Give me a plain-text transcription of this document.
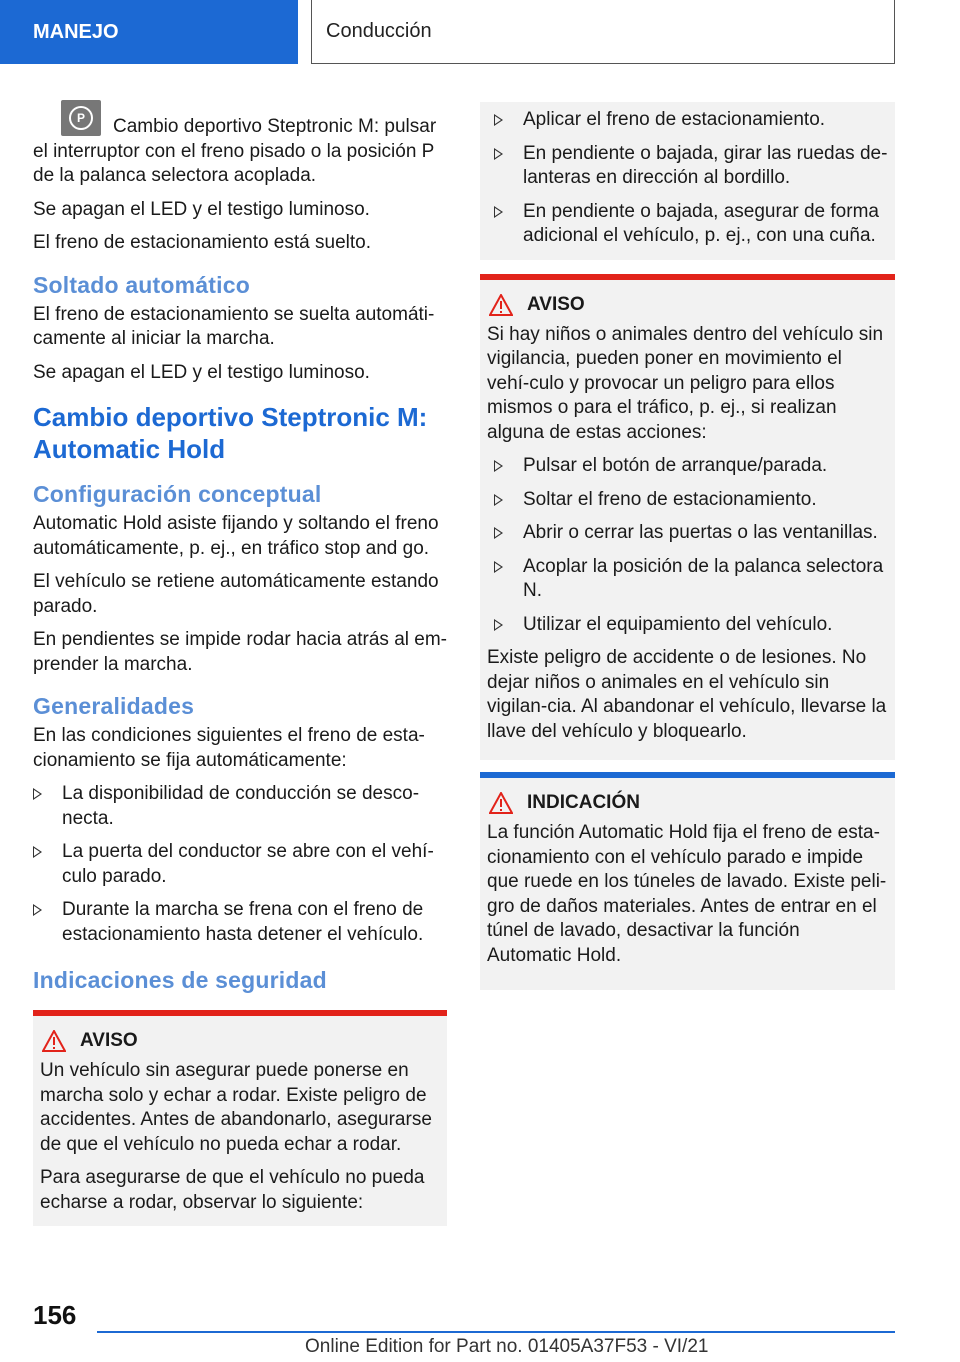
MANEJO	Conducción

P	Cambio deportivo Steptronic M: pulsar el interruptor con el freno pisado o la posición P de la palanca selectora acoplada.

Se apagan el LED y el testigo luminoso.

El freno de estacionamiento está suelto.

Soltado automático

El freno de estacionamiento se suelta automáti-camente al iniciar la marcha.

Se apagan el LED y el testigo luminoso.

Cambio deportivo Steptronic M: Automatic Hold
Configuración conceptual

Automatic Hold asiste fijando y soltando el freno automáticamente, p. ej., en tráfico stop and go.

El vehículo se retiene automáticamente estando parado.

En pendientes se impide rodar hacia atrás al em-prender la marcha.

Generalidades

En las condiciones siguientes el freno de esta-cionamiento se fija automáticamente:

La disponibilidad de conducción se desco-necta.
La puerta del conductor se abre con el vehí-culo parado.
Durante la marcha se frena con el freno de estacionamiento hasta detener el vehículo.
Indicaciones de seguridad
AVISO

Un vehículo sin asegurar puede ponerse en marcha solo y echar a rodar. Existe peligro de accidentes. Antes de abandonarlo, asegurarse de que el vehículo no pueda echar a rodar.

Para asegurarse de que el vehículo no pueda echarse a rodar, observar lo siguiente:

Aplicar el freno de estacionamiento.
En pendiente o bajada, girar las ruedas de-lanteras en dirección al bordillo.
En pendiente o bajada, asegurar de forma adicional el vehículo, p. ej., con una cuña.
AVISO

Si hay niños o animales dentro del vehículo sin vigilancia, pueden poner en movimiento el vehí-culo y provocar un peligro para ellos mismos o para el tráfico, p. ej., si realizan alguna de estas acciones:

Pulsar el botón de arranque/parada.
Soltar el freno de estacionamiento.
Abrir o cerrar las puertas o las ventanillas.
Acoplar la posición de la palanca selectora N.
Utilizar el equipamiento del vehículo.

Existe peligro de accidente o de lesiones. No dejar niños o animales en el vehículo sin vigilan-cia. Al abandonar el vehículo, llevarse la llave del vehículo y bloquearlo.

INDICACIÓN

La función Automatic Hold fija el freno de esta-cionamiento con el vehículo parado e impide que ruede en los túneles de lavado. Existe peli-gro de daños materiales. Antes de entrar en el túnel de lavado, desactivar la función Automatic Hold.

156
Online Edition for Part no. 01405A37F53 - VI/21
